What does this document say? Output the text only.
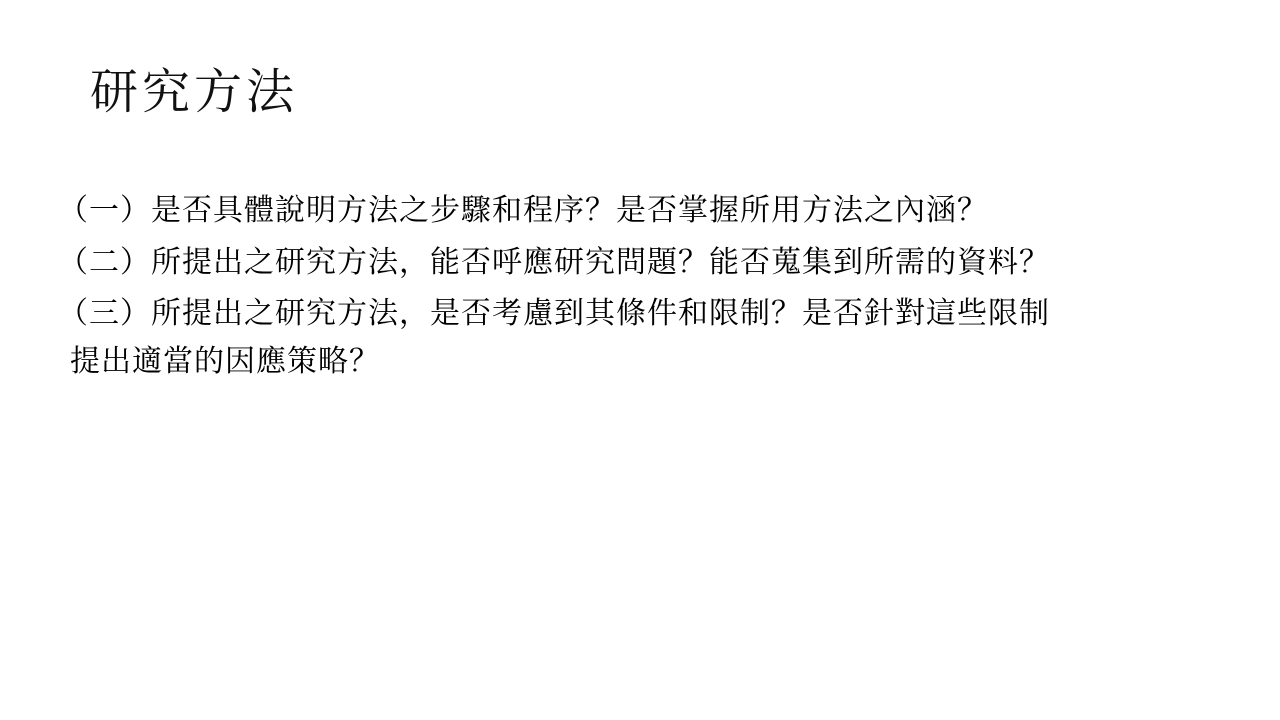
研究方法

（一）是否具體說明方法之步驟和程序？是否掌握所用方法之內涵？

（二）所提出之研究方法，能否呼應研究問題？能否蒐集到所需的資料？

（三）所提出之研究方法，是否考慮到其條件和限制？是否針對這些限制

提出適當的因應策略？
